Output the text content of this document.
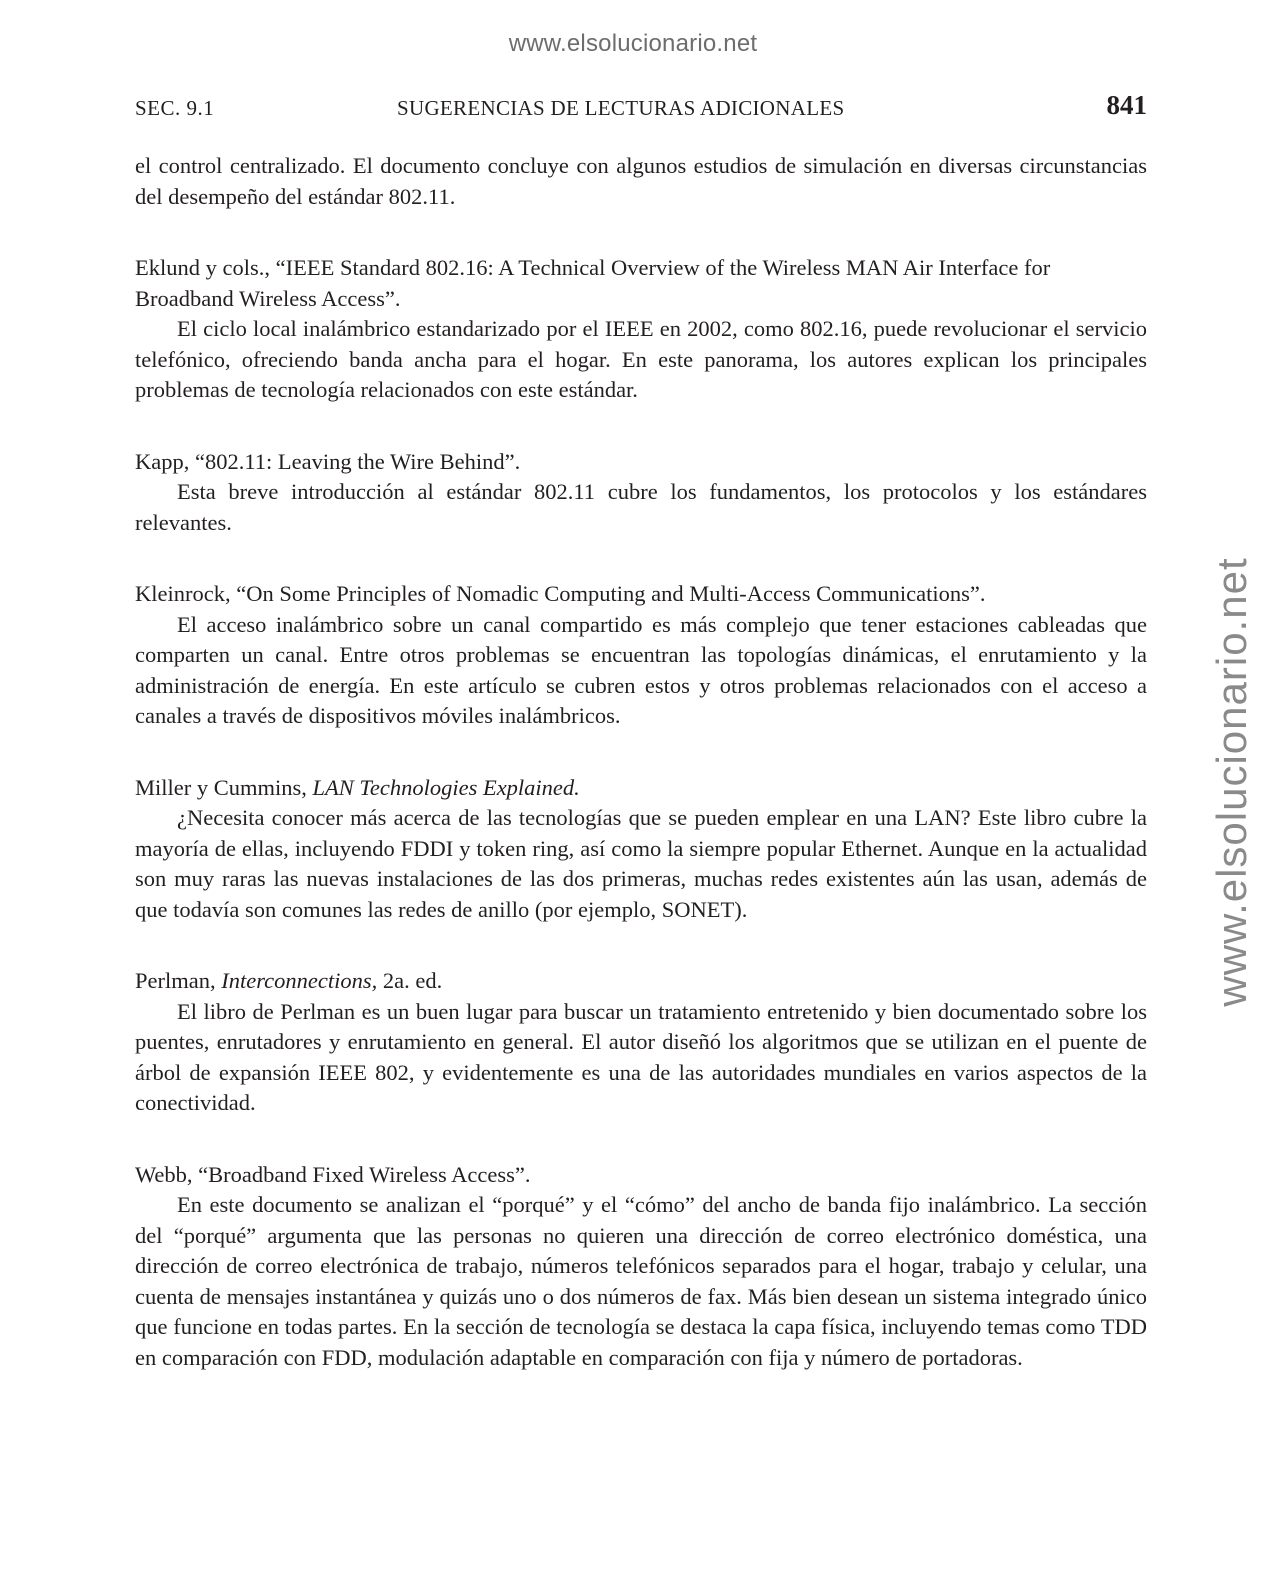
www.elsolucionario.net
www.elsolucionario.net
SEC. 9.1	SUGERENCIAS DE LECTURAS ADICIONALES	841

el control centralizado. El documento concluye con algunos estudios de simulación en diversas circunstancias del desempeño del estándar 802.11.

Eklund y cols., “IEEE Standard 802.16: A Technical Overview of the Wireless MAN Air Interface for Broadband Wireless Access”.

El ciclo local inalámbrico estandarizado por el IEEE en 2002, como 802.16, puede revolucionar el servicio telefónico, ofreciendo banda ancha para el hogar. En este panorama, los autores explican los principales problemas de tecnología relacionados con este estándar.

Kapp, “802.11: Leaving the Wire Behind”.

Esta breve introducción al estándar 802.11 cubre los fundamentos, los protocolos y los estándares relevantes.

Kleinrock, “On Some Principles of Nomadic Computing and Multi-Access Communications”.

El acceso inalámbrico sobre un canal compartido es más complejo que tener estaciones cableadas que comparten un canal. Entre otros problemas se encuentran las topologías dinámicas, el enrutamiento y la administración de energía. En este artículo se cubren estos y otros problemas relacionados con el acceso a canales a través de dispositivos móviles inalámbricos.

Miller y Cummins, LAN Technologies Explained.

¿Necesita conocer más acerca de las tecnologías que se pueden emplear en una LAN? Este libro cubre la mayoría de ellas, incluyendo FDDI y token ring, así como la siempre popular Ethernet. Aunque en la actualidad son muy raras las nuevas instalaciones de las dos primeras, muchas redes existentes aún las usan, además de que todavía son comunes las redes de anillo (por ejemplo, SONET).

Perlman, Interconnections, 2a. ed.

El libro de Perlman es un buen lugar para buscar un tratamiento entretenido y bien documentado sobre los puentes, enrutadores y enrutamiento en general. El autor diseñó los algoritmos que se utilizan en el puente de árbol de expansión IEEE 802, y evidentemente es una de las autoridades mundiales en varios aspectos de la conectividad.

Webb, “Broadband Fixed Wireless Access”.

En este documento se analizan el “porqué” y el “cómo” del ancho de banda fijo inalámbrico. La sección del “porqué” argumenta que las personas no quieren una dirección de correo electrónico doméstica, una dirección de correo electrónica de trabajo, números telefónicos separados para el hogar, trabajo y celular, una cuenta de mensajes instantánea y quizás uno o dos números de fax. Más bien desean un sistema integrado único que funcione en todas partes. En la sección de tecnología se destaca la capa física, incluyendo temas como TDD en comparación con FDD, modulación adaptable en comparación con fija y número de portadoras.
